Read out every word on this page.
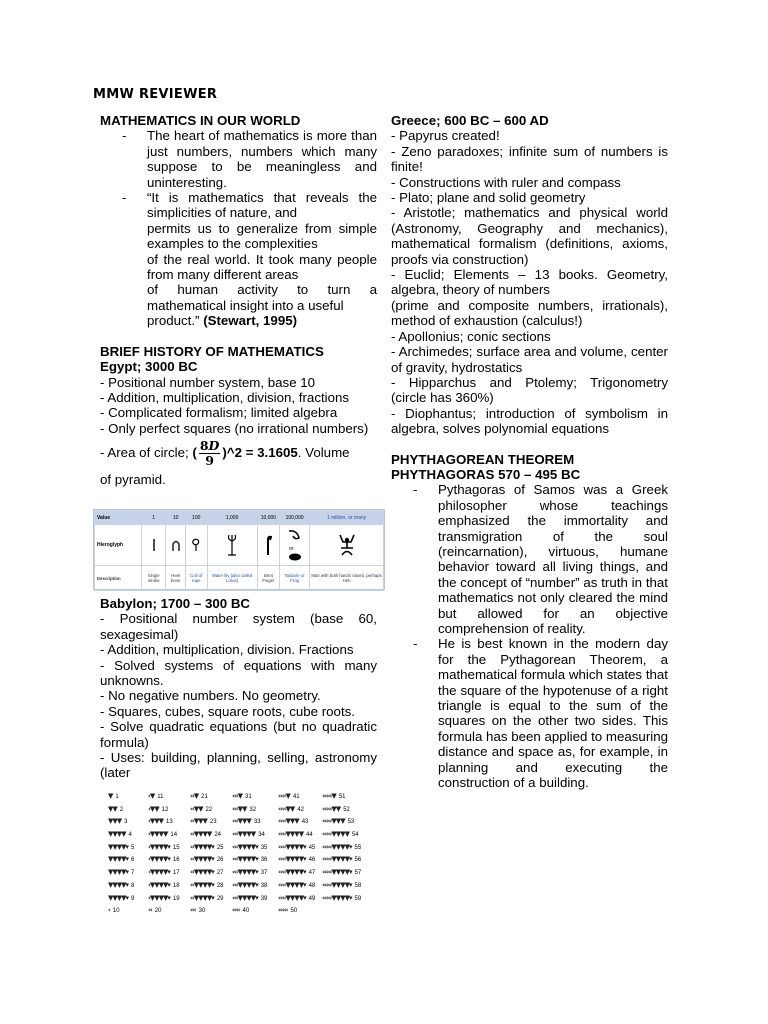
MMW REVIEWER
MATHEMATICS IN OUR WORLD
- The heart of mathematics is more than just numbers, numbers which many suppose to be meaningless and uninteresting.
- “It is mathematics that reveals the simplicities of nature, and
permits us to generalize from simple examples to the complexities
of the real world. It took many people from many different areas
of human activity to turn a mathematical insight into a useful
product.” (Stewart, 1995)
BRIEF HISTORY OF MATHEMATICS
Egypt; 3000 BC
- Positional number system, base 10
- Addition, multiplication, division, fractions
- Complicated formalism; limited algebra
- Only perfect squares (no irrational numbers)
- Area of circle; ( $\frac{8D}{9}$ )^2 = 3.1605. Volume
of pyramid.
Value	1	10	100	1,000	10,000	100,000	1 million, or many
Hieroglyph						or

Description	Single stroke	Heel bone	Coil of rope	Water lily (also called Lotus)	Bent Finger	Tadpole or Frog	Man with both hands raised, perhaps Heh
Babylon; 1700 – 300 BC
- Positional number system (base 60, sexagesimal)
- Addition, multiplication, division. Fractions
- Solved systems of equations with many unknowns.
- No negative numbers. No geometry.
- Squares, cubes, square roots, cube roots.
- Solve quadratic equations (but no quadratic formula)
- Uses: building, planning, selling, astronomy (later
▼ 1
▼▼ 2
▼▼▼ 3
▼▼▼▼ 4
▼▼▼▼▾ 5
▼▼▼▼▾ 6
▼▼▼▼▾ 7
▼▼▼▼▾ 8
▼▼▼▼▾ 9
‹ 10
‹▼ 11
‹▼▼ 12
‹▼▼▼ 13
‹▼▼▼▼ 14
‹▼▼▼▼▾ 15
‹▼▼▼▼▾ 16
‹▼▼▼▼▾ 17
‹▼▼▼▼▾ 18
‹▼▼▼▼▾ 19
‹‹ 20
‹‹▼ 21
‹‹▼▼ 22
‹‹▼▼▼ 23
‹‹▼▼▼▼ 24
‹‹▼▼▼▼▾ 25
‹‹▼▼▼▼▾ 26
‹‹▼▼▼▼▾ 27
‹‹▼▼▼▼▾ 28
‹‹▼▼▼▼▾ 29
‹‹‹ 30
‹‹‹▼ 31
‹‹‹▼▼ 32
‹‹‹▼▼▼ 33
‹‹‹▼▼▼▼ 34
‹‹‹▼▼▼▼▾ 35
‹‹‹▼▼▼▼▾ 36
‹‹‹▼▼▼▼▾ 37
‹‹‹▼▼▼▼▾ 38
‹‹‹▼▼▼▼▾ 39
‹‹‹‹ 40
‹‹‹‹▼ 41
‹‹‹‹▼▼ 42
‹‹‹‹▼▼▼ 43
‹‹‹‹▼▼▼▼ 44
‹‹‹‹▼▼▼▼▾ 45
‹‹‹‹▼▼▼▼▾ 46
‹‹‹‹▼▼▼▼▾ 47
‹‹‹‹▼▼▼▼▾ 48
‹‹‹‹▼▼▼▼▾ 49
‹‹‹‹‹ 50
‹‹‹‹‹▼ 51
‹‹‹‹‹▼▼ 52
‹‹‹‹‹▼▼▼ 53
‹‹‹‹‹▼▼▼▼ 54
‹‹‹‹‹▼▼▼▼▾ 55
‹‹‹‹‹▼▼▼▼▾ 56
‹‹‹‹‹▼▼▼▼▾ 57
‹‹‹‹‹▼▼▼▼▾ 58
‹‹‹‹‹▼▼▼▼▾ 59
Greece; 600 BC – 600 AD
- Papyrus created!
- Zeno paradoxes; infinite sum of numbers is finite!
- Constructions with ruler and compass
- Plato; plane and solid geometry
- Aristotle; mathematics and physical world (Astronomy, Geography and mechanics), mathematical formalism (definitions, axioms, proofs via construction)
- Euclid; Elements – 13 books. Geometry, algebra, theory of numbers
(prime and composite numbers, irrationals), method of exhaustion (calculus!)
- Apollonius; conic sections
- Archimedes; surface area and volume, center of gravity, hydrostatics
- Hipparchus and Ptolemy; Trigonometry (circle has 360%)
- Diophantus; introduction of symbolism in algebra, solves polynomial equations
PHYTHAGOREAN THEOREM
PHYTHAGORAS 570 – 495 BC
- Pythagoras of Samos was a Greek philosopher whose teachings emphasized the immortality and transmigration of the soul (reincarnation), virtuous, humane behavior toward all living things, and the concept of “number” as truth in that mathematics not only cleared the mind but allowed for an objective comprehension of reality.
- He is best known in the modern day for the Pythagorean Theorem, a mathematical formula which states that the square of the hypotenuse of a right triangle is equal to the sum of the squares on the other two sides. This formula has been applied to measuring distance and space as, for example, in planning and executing the construction of a building.
